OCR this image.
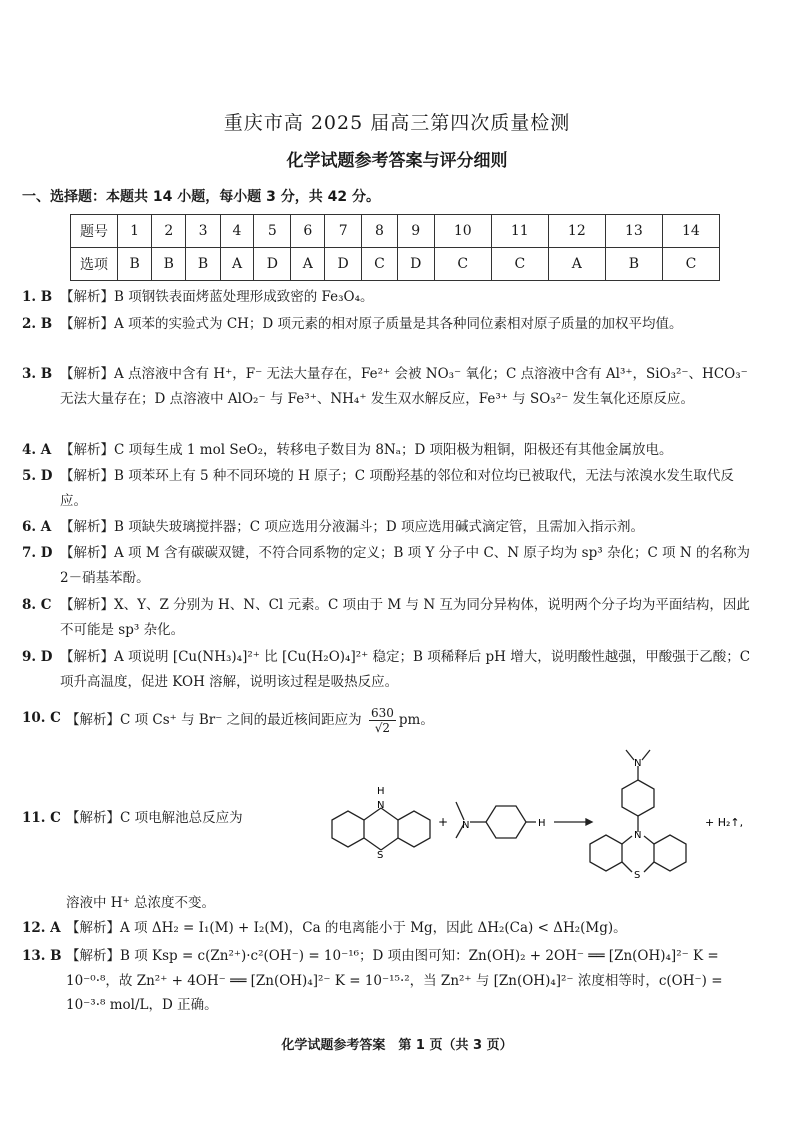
重庆市高 2025 届高三第四次质量检测
化学试题参考答案与评分细则
一、选择题：本题共 14 小题，每小题 3 分，共 42 分。
题号	1	2	3	4	5	6	7	8	9	10	11	12	13	14
选项	B	B	B	A	D	A	D	C	D	C	C	A	B	C
1. B 【解析】B 项钢铁表面烤蓝处理形成致密的 Fe₃O₄。
2. B 【解析】A 项苯的实验式为 CH；D 项元素的相对原子质量是其各种同位素相对原子质量的加权平均值。
3. B 【解析】A 点溶液中含有 H⁺，F⁻ 无法大量存在，Fe²⁺ 会被 NO₃⁻ 氧化；C 点溶液中含有 Al³⁺，SiO₃²⁻、HCO₃⁻ 无法大量存在；D 点溶液中 AlO₂⁻ 与 Fe³⁺、NH₄⁺ 发生双水解反应，Fe³⁺ 与 SO₃²⁻ 发生氧化还原反应。
4. A 【解析】C 项每生成 1 mol SeO₂，转移电子数目为 8Nₐ；D 项阳极为粗铜，阳极还有其他金属放电。
5. D 【解析】B 项苯环上有 5 种不同环境的 H 原子；C 项酚羟基的邻位和对位均已被取代，无法与浓溴水发生取代反应。
6. A 【解析】B 项缺失玻璃搅拌器；C 项应选用分液漏斗；D 项应选用碱式滴定管，且需加入指示剂。
7. D 【解析】A 项 M 含有碳碳双键，不符合同系物的定义；B 项 Y 分子中 C、N 原子均为 sp³ 杂化；C 项 N 的名称为 2－硝基苯酚。
8. C 【解析】X、Y、Z 分别为 H、N、Cl 元素。C 项由于 M 与 N 互为同分异构体，说明两个分子均为平面结构，因此不可能是 sp³ 杂化。
9. D 【解析】A 项说明 [Cu(NH₃)₄]²⁺ 比 [Cu(H₂O)₄]²⁺ 稳定；B 项稀释后 pH 增大，说明酸性越强，甲酸强于乙酸；C 项升高温度，促进 KOH 溶解，说明该过程是吸热反应。
10. C 【解析】C 项 Cs⁺ 与 Br⁻ 之间的最近核间距应为 $\frac{630}{√2}$ pm。
11. C 【解析】C 项电解池总反应为
H
N
S
+ N	H
N
N
S
+ H₂↑,
溶液中 H⁺ 总浓度不变。
12. A 【解析】A 项 ΔH₂ = I₁(M) + I₂(M)，Ca 的电离能小于 Mg，因此 ΔH₂(Ca) < ΔH₂(Mg)。
13. B 【解析】B 项 Ksp = c(Zn²⁺)·c²(OH⁻) = 10⁻¹⁶；D 项由图可知：Zn(OH)₂ + 2OH⁻ ══ [Zn(OH)₄]²⁻ K = 10⁻⁰·⁸，故 Zn²⁺ + 4OH⁻ ══ [Zn(OH)₄]²⁻ K = 10⁻¹⁵·²，当 Zn²⁺ 与 [Zn(OH)₄]²⁻ 浓度相等时，c(OH⁻) = 10⁻³·⁸ mol/L，D 正确。
化学试题参考答案　第 1 页（共 3 页）
